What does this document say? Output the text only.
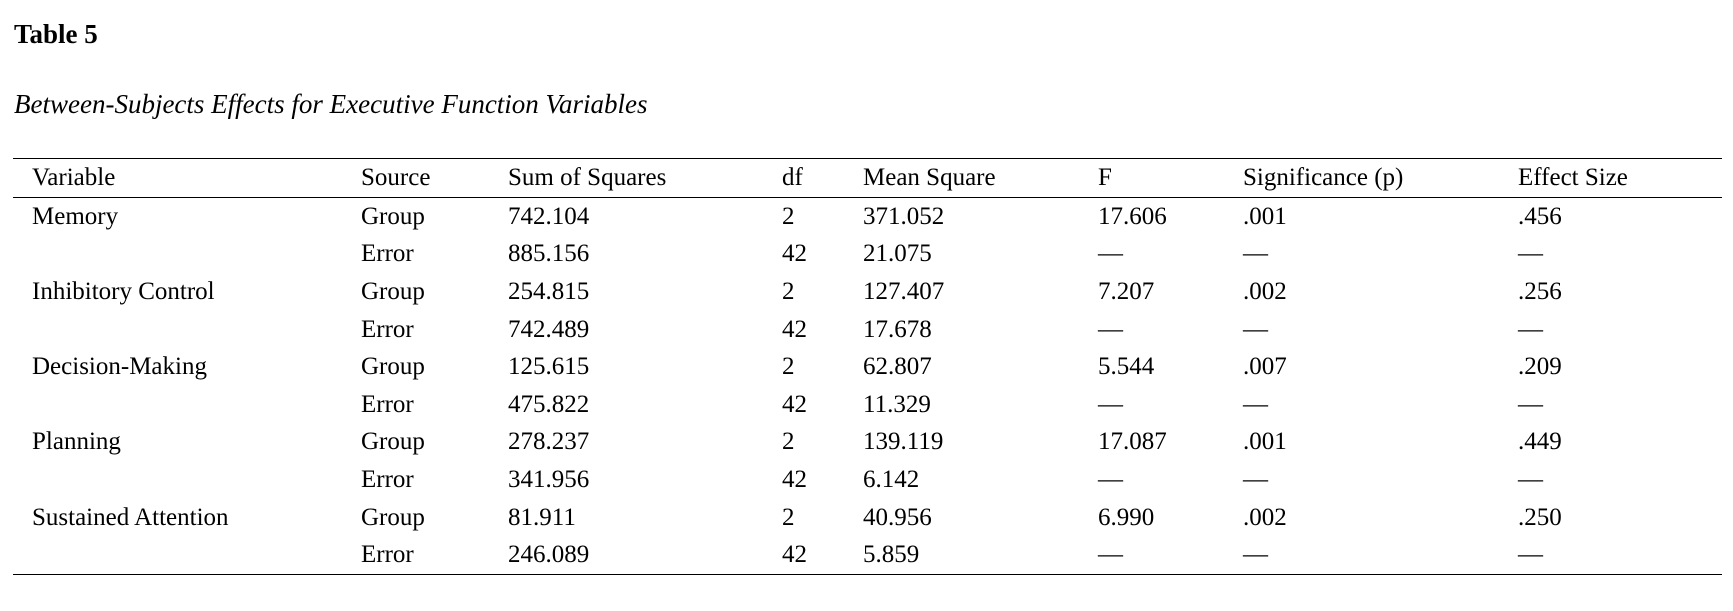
Table 5

Between-Subjects Effects for Executive Function Variables

Variable	Source	Sum of Squares	df	Mean Square	F	Significance (p)	Effect Size
Memory	Group	742.104	2	371.052	17.606	.001	.456
	Error	885.156	42	21.075	—	—	—
Inhibitory Control	Group	254.815	2	127.407	7.207	.002	.256
	Error	742.489	42	17.678	—	—	—
Decision-Making	Group	125.615	2	62.807	5.544	.007	.209
	Error	475.822	42	11.329	—	—	—
Planning	Group	278.237	2	139.119	17.087	.001	.449
	Error	341.956	42	6.142	—	—	—
Sustained Attention	Group	81.911	2	40.956	6.990	.002	.250
	Error	246.089	42	5.859	—	—	—
